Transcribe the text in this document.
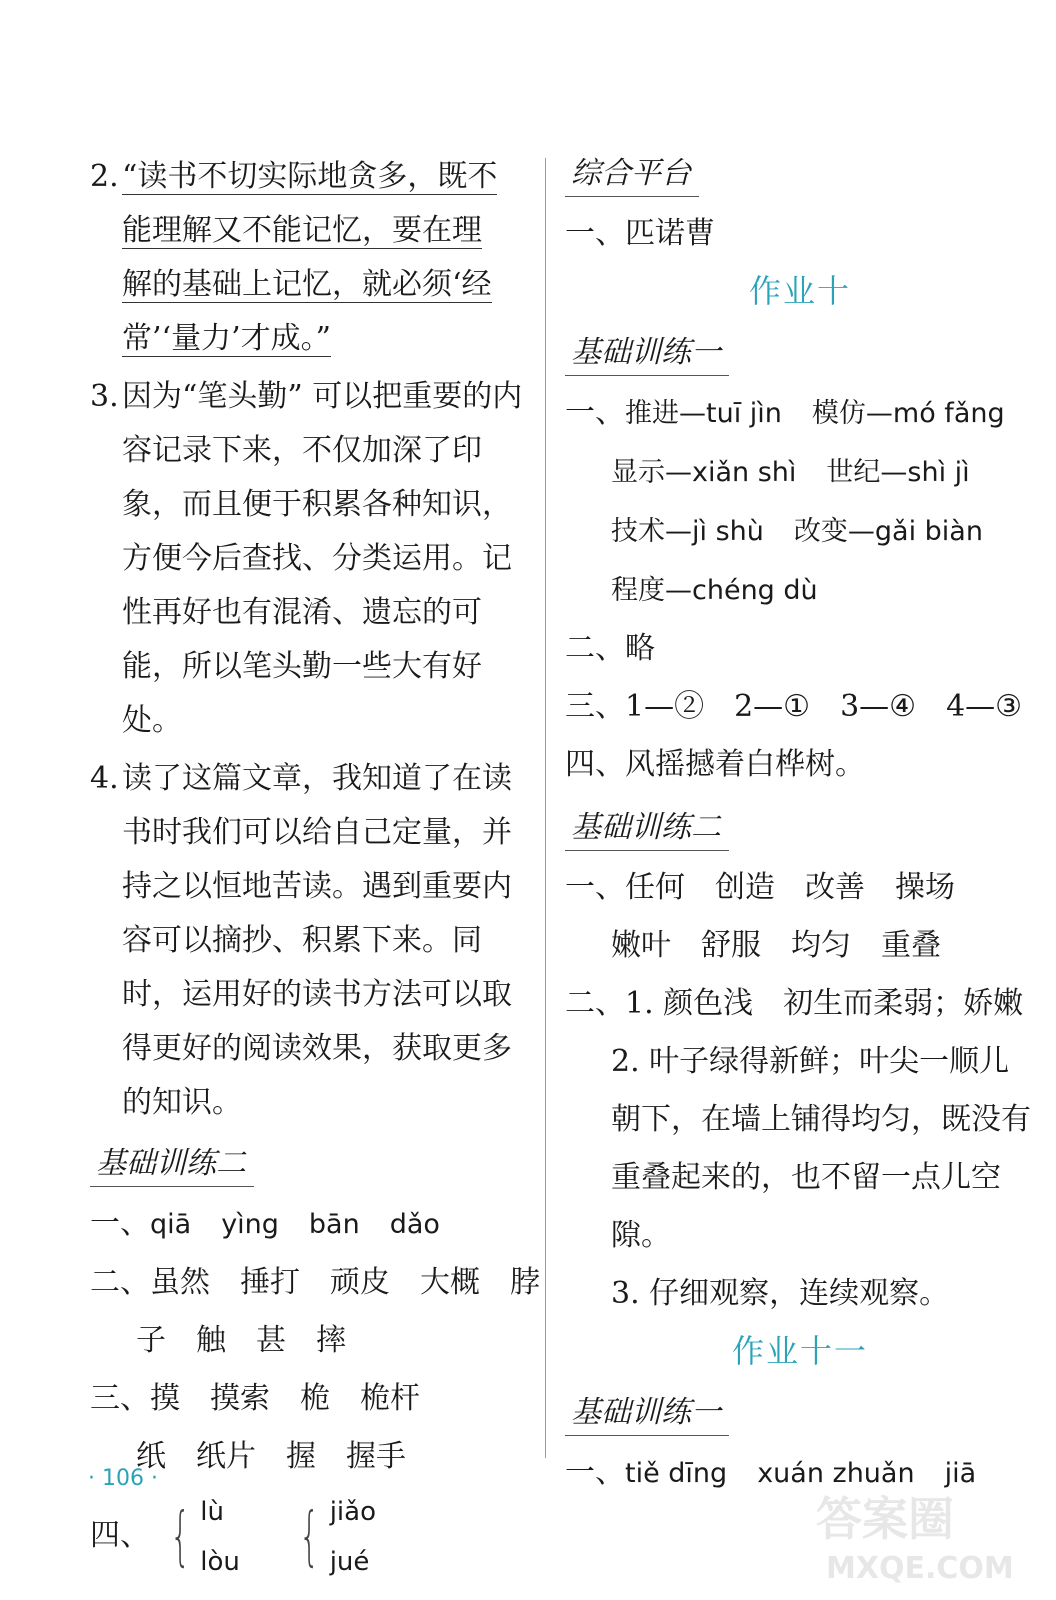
2. “读书不切实际地贪多，既不
能理解又不能记忆，要在理
解的基础上记忆，就必须‘经
常’‘量力’才成。”
3. 因为“笔头勤” 可以把重要的内容记录下来，不仅加深了印象，而且便于积累各种知识，方便今后查找、分类运用。记性再好也有混淆、遗忘的可能，所以笔头勤一些大有好处。
4. 读了这篇文章，我知道了在读书时我们可以给自己定量，并持之以恒地苦读。遇到重要内容可以摘抄、积累下来。同时，运用好的读书方法可以取得更好的阅读效果，获取更多的知识。
基础训练二
一、qiā yìng bān dǎo
二、虽然 捶打 顽皮 大概 脖
子 触 甚 摔
三、摸 摸索 桅 桅杆
纸 纸片 握 握手
四、 { lù
lòu
{ jiǎo
jué
综合平台
一、匹诺曹
作业十
基础训练一
一、推进—tuī jìn 模仿—mó fǎng
显示—xiǎn shì 世纪—shì jì
技术—jì shù 改变—gǎi biàn
程度—chéng dù
二、略
三、1—② 2—① 3—④ 4—③
四、风摇撼着白桦树。
基础训练二
一、任何 创造 改善 操场
嫩叶 舒服 均匀 重叠
二、1. 颜色浅　初生而柔弱；娇嫩
2. 叶子绿得新鲜；叶尖一顺儿朝下，在墙上铺得均匀，既没有重叠起来的，也不留一点儿空隙。
3. 仔细观察，连续观察。
作业十一
基础训练一
一、tiě dīng xuán zhuǎn jiā
· 106 ·
答案圈
MXQE.COM
